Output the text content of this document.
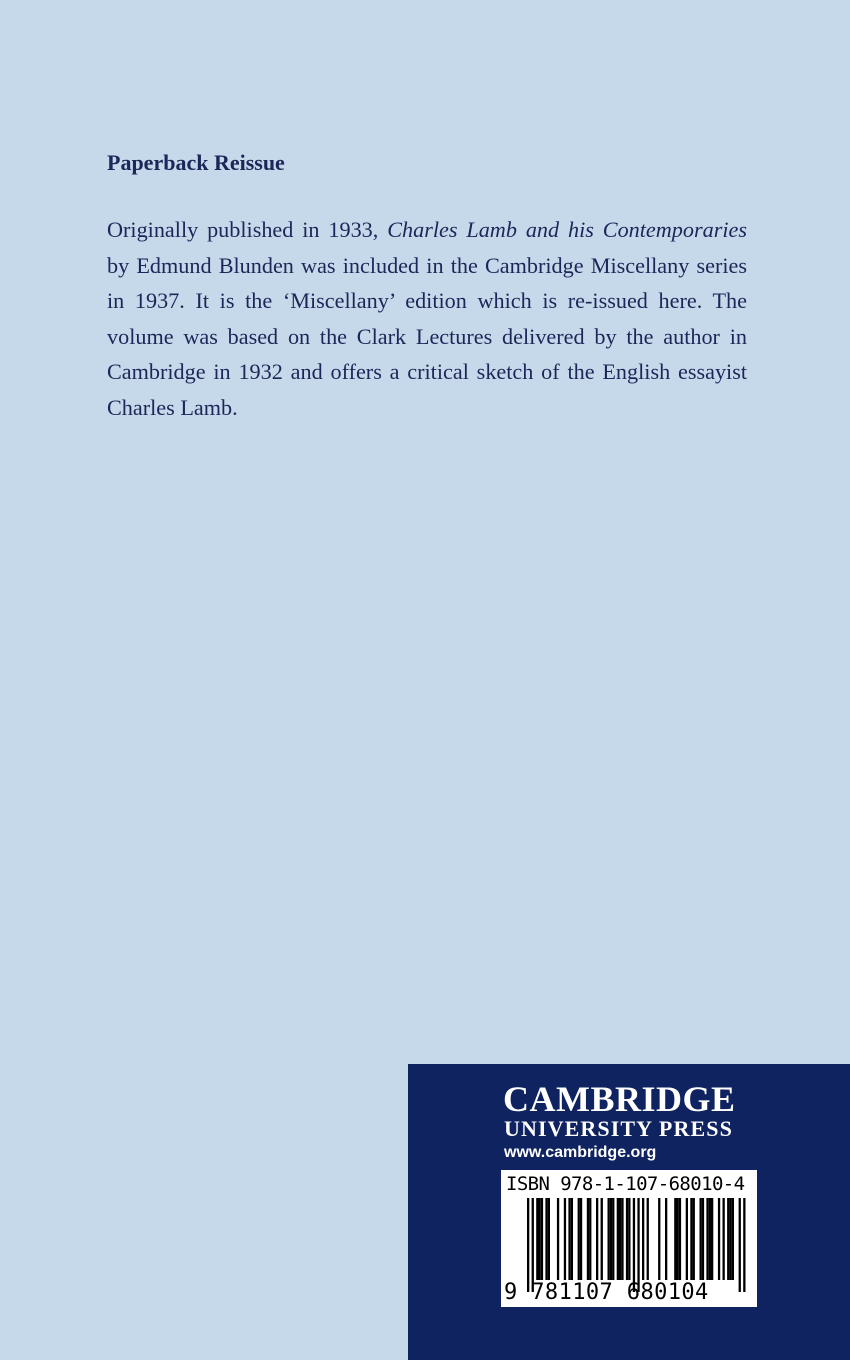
Paperback Reissue

Originally published in 1933, Charles Lamb and his Contemporaries by Edmund Blunden was included in the Cambridge Miscellany series in 1937. It is the ‘Miscellany’ edition which is re-issued here. The volume was based on the Clark Lectures delivered by the author in Cambridge in 1932 and offers a critical sketch of the English essayist Charles Lamb.

CAMBRIDGE
UNIVERSITY PRESS
www.cambridge.org
ISBN 978-1-107-68010-4
9 781107 680104
